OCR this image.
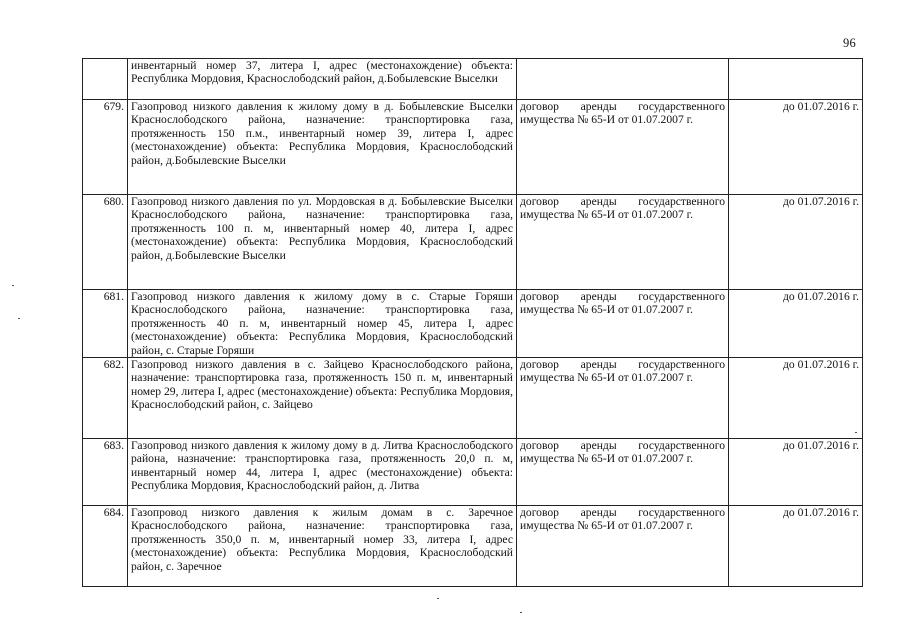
96
	инвентарный номер 37, литера I, адрес (местонахождение) объекта: Республика Мордовия, Краснослободский район, д.Бобылевские Выселки		
679.	Газопровод низкого давления к жилому дому в д. Бобылевские Выселки Краснослободского района, назначение: транспортировка газа, протяженность 150 п.м., инвентарный номер 39, литера I, адрес (местонахождение) объекта: Республика Мордовия, Краснослободский район, д.Бобылевские Выселки	договор аренды государственного имущества № 65-И от 01.07.2007 г.	до 01.07.2016 г.
680.	Газопровод низкого давления по ул. Мордовская в д. Бобылевские Выселки Краснослободского района, назначение: транспортировка газа, протяженность 100 п. м, инвентарный номер 40, литера I, адрес (местонахождение) объекта: Республика Мордовия, Краснослободский район, д.Бобылевские Выселки	договор аренды государственного имущества № 65-И от 01.07.2007 г.	до 01.07.2016 г.
681.	Газопровод низкого давления к жилому дому в с. Старые Горяши Краснослободского района, назначение: транспортировка газа, протяженность 40 п. м, инвентарный номер 45, литера I, адрес (местонахождение) объекта: Республика Мордовия, Краснослободский район, с. Старые Горяши	договор аренды государственного имущества № 65-И от 01.07.2007 г.	до 01.07.2016 г.
682.	Газопровод низкого давления в с. Зайцево Краснослободского района, назначение: транспортировка газа, протяженность 150 п. м, инвентарный номер 29, литера I, адрес (местонахождение) объекта: Республика Мордовия, Краснослободский район, с. Зайцево	договор аренды государственного имущества № 65-И от 01.07.2007 г.	до 01.07.2016 г.
683.	Газопровод низкого давления к жилому дому в д. Литва Краснослободского района, назначение: транспортировка газа, протяженность 20,0 п. м, инвентарный номер 44, литера I, адрес (местонахождение) объекта: Республика Мордовия, Краснослободский район, д. Литва	договор аренды государственного имущества № 65-И от 01.07.2007 г.	до 01.07.2016 г.
684.	Газопровод низкого давления к жилым домам в с. Заречное Краснослободского района, назначение: транспортировка газа, протяженность 350,0 п. м, инвентарный номер 33, литера I, адрес (местонахождение) объекта: Республика Мордовия, Краснослободский район, с. Заречное	договор аренды государственного имущества № 65-И от 01.07.2007 г.	до 01.07.2016 г.
